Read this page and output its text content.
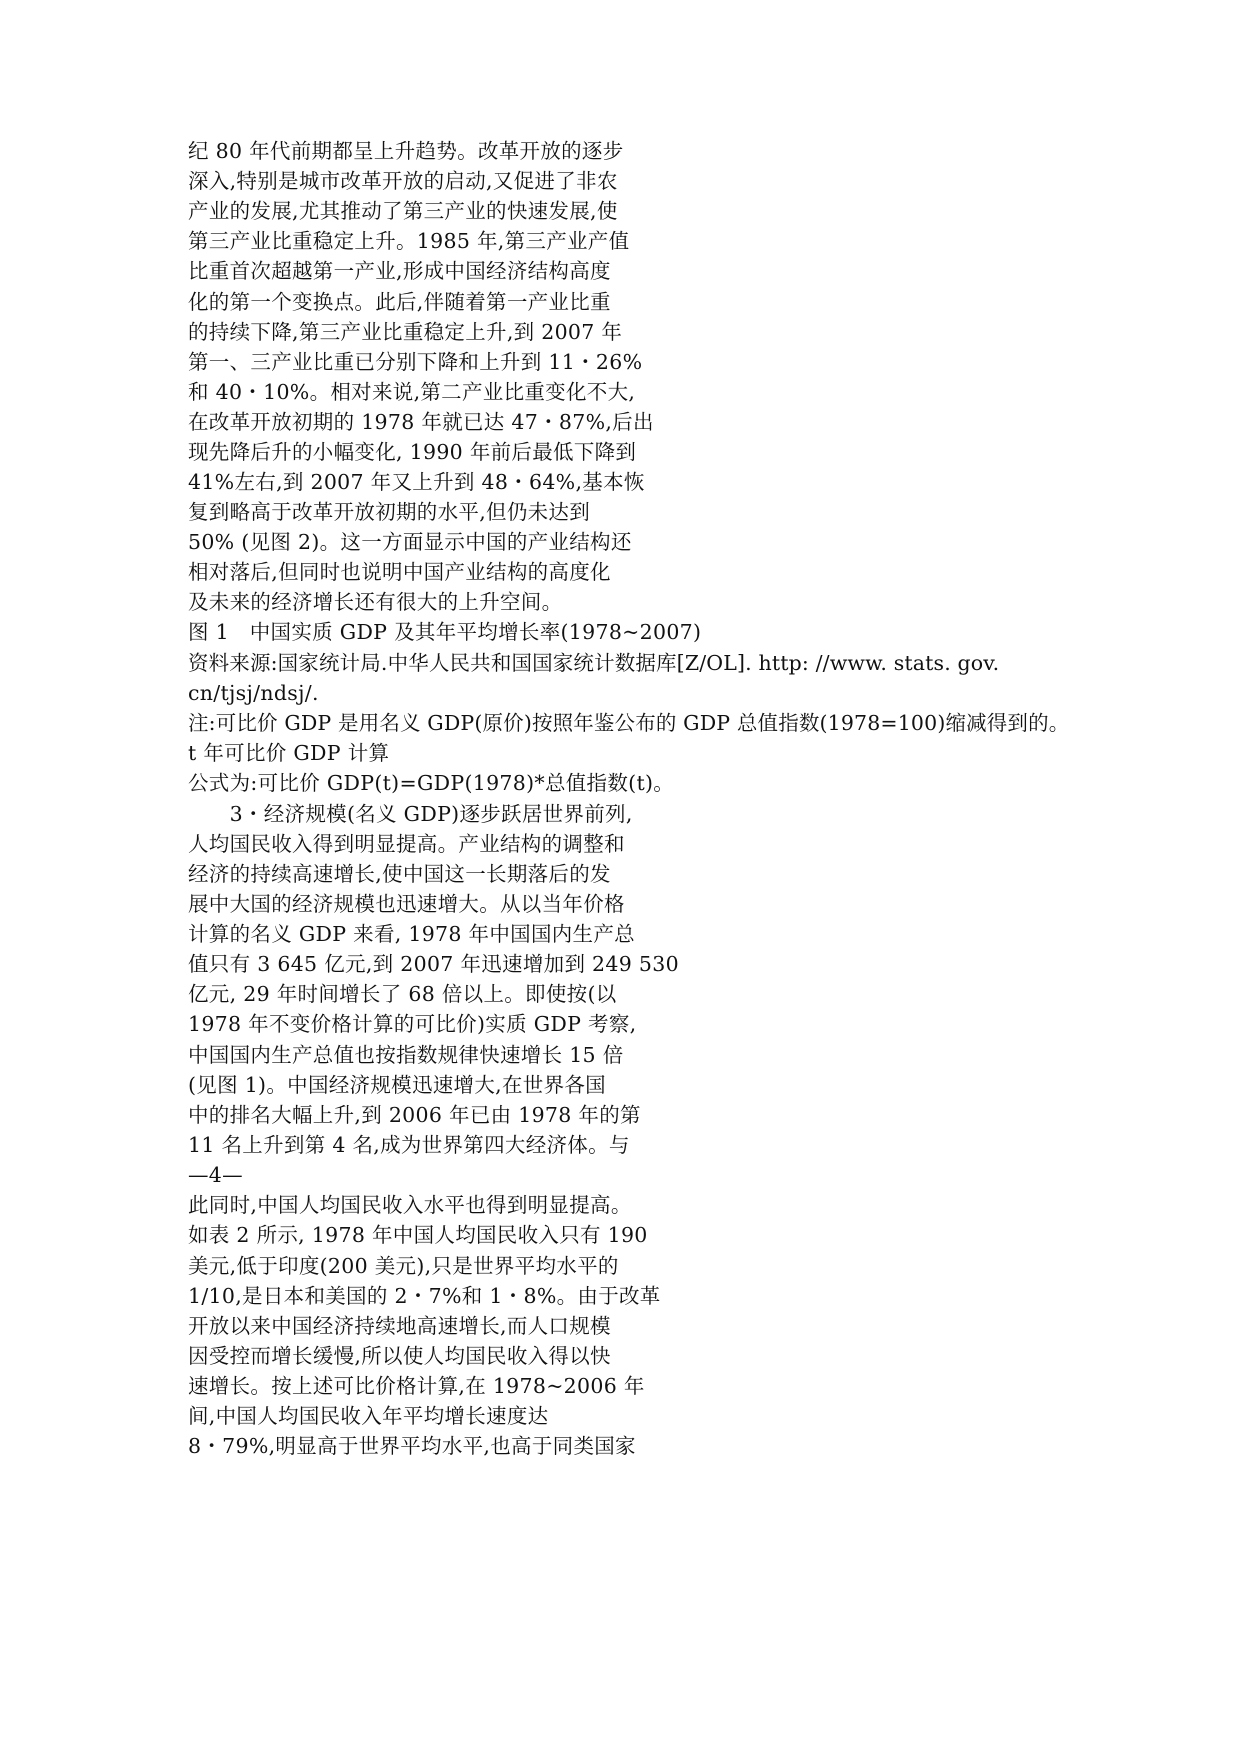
纪 80 年代前期都呈上升趋势。改革开放的逐步
深入,特别是城市改革开放的启动,又促进了非农
产业的发展,尤其推动了第三产业的快速发展,使
第三产业比重稳定上升。1985 年,第三产业产值
比重首次超越第一产业,形成中国经济结构高度
化的第一个变换点。此后,伴随着第一产业比重
的持续下降,第三产业比重稳定上升,到 2007 年
第一、三产业比重已分别下降和上升到 11・26%
和 40・10%。相对来说,第二产业比重变化不大,
在改革开放初期的 1978 年就已达 47・87%,后出
现先降后升的小幅变化, 1990 年前后最低下降到
41%左右,到 2007 年又上升到 48・64%,基本恢
复到略高于改革开放初期的水平,但仍未达到
50% (见图 2)。这一方面显示中国的产业结构还
相对落后,但同时也说明中国产业结构的高度化
及未来的经济增长还有很大的上升空间。
图 1　中国实质 GDP 及其年平均增长率(1978~2007)
资料来源:国家统计局.中华人民共和国国家统计数据库[Z/OL]. http: //www. stats. gov.
cn/tjsj/ndsj/.
注:可比价 GDP 是用名义 GDP(原价)按照年鉴公布的 GDP 总值指数(1978=100)缩减得到的。
t 年可比价 GDP 计算
公式为:可比价 GDP(t)=GDP(1978)*总值指数(t)。
　　3・经济规模(名义 GDP)逐步跃居世界前列,
人均国民收入得到明显提高。产业结构的调整和
经济的持续高速增长,使中国这一长期落后的发
展中大国的经济规模也迅速增大。从以当年价格
计算的名义 GDP 来看, 1978 年中国国内生产总
值只有 3 645 亿元,到 2007 年迅速增加到 249 530
亿元, 29 年时间增长了 68 倍以上。即使按(以
1978 年不变价格计算的可比价)实质 GDP 考察,
中国国内生产总值也按指数规律快速增长 15 倍
(见图 1)。中国经济规模迅速增大,在世界各国
中的排名大幅上升,到 2006 年已由 1978 年的第
11 名上升到第 4 名,成为世界第四大经济体。与
—4—
此同时,中国人均国民收入水平也得到明显提高。
如表 2 所示, 1978 年中国人均国民收入只有 190
美元,低于印度(200 美元),只是世界平均水平的
1/10,是日本和美国的 2・7%和 1・8%。由于改革
开放以来中国经济持续地高速增长,而人口规模
因受控而增长缓慢,所以使人均国民收入得以快
速增长。按上述可比价格计算,在 1978~2006 年
间,中国人均国民收入年平均增长速度达
8・79%,明显高于世界平均水平,也高于同类国家
